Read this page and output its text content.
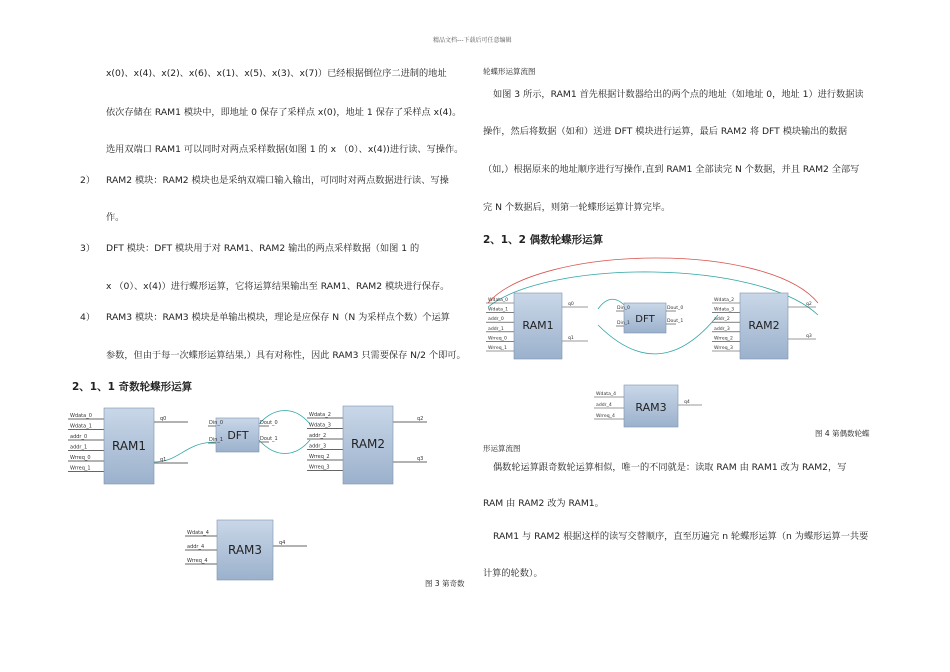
精品文档---下载后可任意编辑
x(0)、x(4)、x(2)、x(6)、x(1)、x(5)、x(3)、x(7)）已经根据倒位序二进制的地址
依次存储在 RAM1 模块中，即地址 0 保存了采样点 x(0)，地址 1 保存了采样点 x(4)。
选用双端口 RAM1 可以同时对两点采样数据(如图 1 的 x （0）、x(4))进行读、写操作。
2） RAM2 模块：RAM2 模块也是采纳双端口输入输出，可同时对两点数据进行读、写操
作。
3） DFT 模块：DFT 模块用于对 RAM1、RAM2 输出的两点采样数据（如图 1 的
x （0）、x(4)）进行蝶形运算，它将运算结果输出至 RAM1、RAM2 模块进行保存。
4） RAM3 模块：RAM3 模块是单输出模块，理论是应保存 N（N 为采样点个数）个运算
参数，但由于每一次蝶形运算结果,）具有对称性，因此 RAM3 只需要保存 N/2 个即可。
2、1、1 奇数轮蝶形运算
RAM1
DFT
RAM2
RAM3
Wdata_0
Wdata_1
addr_0
addr_1
Wrreq_0
Wrreq_1
q0
q1
Din_0
Din_1
Dout_0
Dout_1
Wdata_2
Wdata_3
addr_2
addr_3
Wrreq_2
Wrreq_3
q2
q3
Wdata_4
addr_4
Wrreq_4
q4
图 3 第奇数
轮蝶形运算流图
如图 3 所示，RAM1 首先根据计数器给出的两个点的地址（如地址 0，地址 1）进行数据读
操作，然后将数据（如和）送进 DFT 模块进行运算，最后 RAM2 将 DFT 模块输出的数据
（如,）根据原来的地址顺序进行写操作,直到 RAM1 全部读完 N 个数据，并且 RAM2 全部写
完 N 个数据后，则第一轮蝶形运算计算完毕。
2、1、2 偶数轮蝶形运算
RAM1	DFT	RAM2
RAM3
Wdata_0
Wdata_1
addr_0
addr_1
Wrreq_0
Wrreq_1
q0
q1
Din_0
Din_1
Dout_0
Dout_1
Wdata_2
Wdata_3
addr_2
addr_3
Wrreq_2
Wrreq_3
q2
q3
Wdata_4
addr_4
Wrreq_4
q4
图 4 第偶数轮蝶
形运算流图
偶数轮运算跟奇数轮运算相似，唯一的不同就是：读取 RAM 由 RAM1 改为 RAM2，写
RAM 由 RAM2 改为 RAM1。
RAM1 与 RAM2 根据这样的读写交替顺序，直至历遍完 n 轮蝶形运算（n 为蝶形运算一共要
计算的轮数）。
